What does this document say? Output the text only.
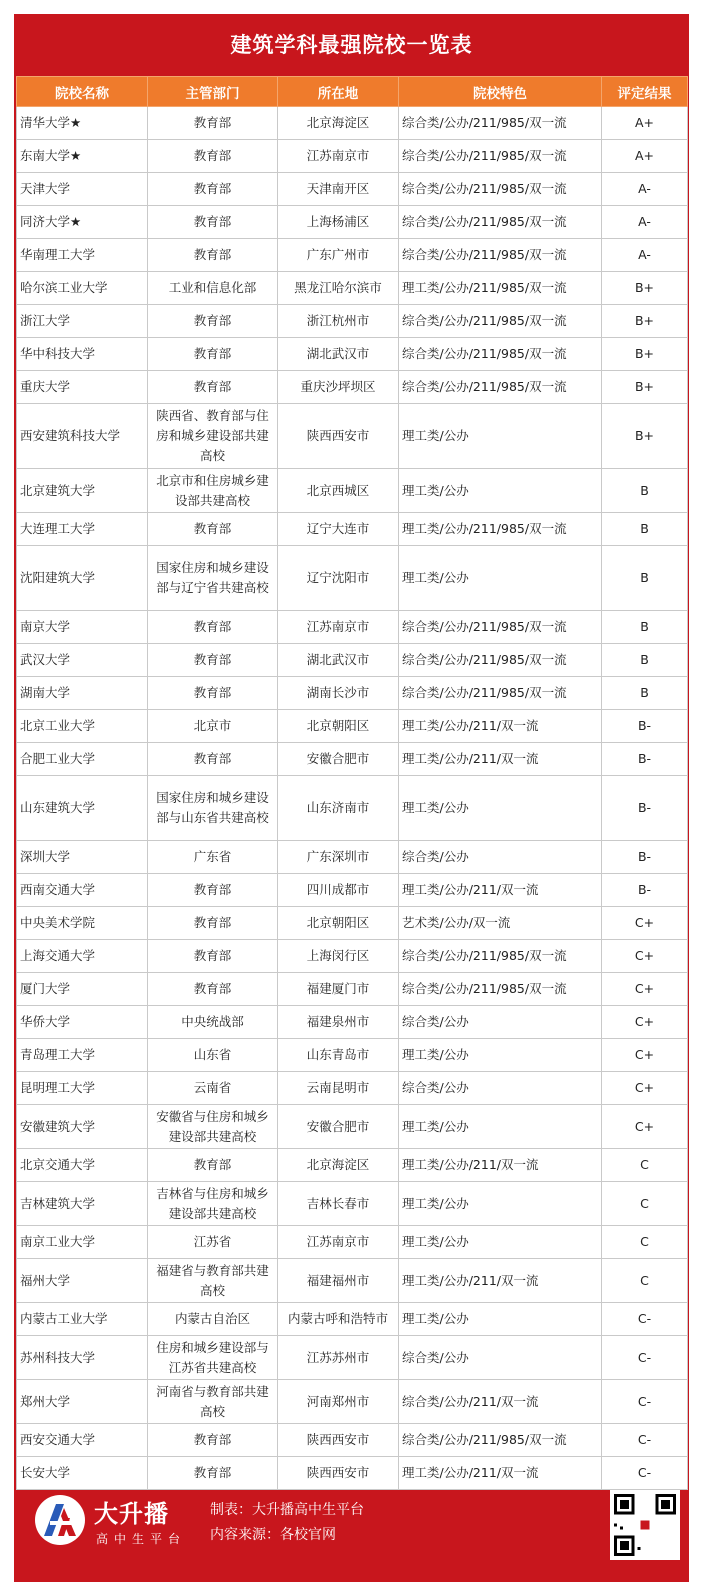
建筑学科最强院校一览表
院校名称	主管部门	所在地	院校特色	评定结果
清华大学★	教育部	北京海淀区	综合类/公办/211/985/双一流	A+
东南大学★	教育部	江苏南京市	综合类/公办/211/985/双一流	A+
天津大学	教育部	天津南开区	综合类/公办/211/985/双一流	A-
同济大学★	教育部	上海杨浦区	综合类/公办/211/985/双一流	A-
华南理工大学	教育部	广东广州市	综合类/公办/211/985/双一流	A-
哈尔滨工业大学	工业和信息化部	黑龙江哈尔滨市	理工类/公办/211/985/双一流	B+
浙江大学	教育部	浙江杭州市	综合类/公办/211/985/双一流	B+
华中科技大学	教育部	湖北武汉市	综合类/公办/211/985/双一流	B+
重庆大学	教育部	重庆沙坪坝区	综合类/公办/211/985/双一流	B+
西安建筑科技大学	陕西省、教育部与住房和城乡建设部共建高校	陕西西安市	理工类/公办	B+
北京建筑大学	北京市和住房城乡建设部共建高校	北京西城区	理工类/公办	B
大连理工大学	教育部	辽宁大连市	理工类/公办/211/985/双一流	B
沈阳建筑大学	国家住房和城乡建设部与辽宁省共建高校	辽宁沈阳市	理工类/公办	B
南京大学	教育部	江苏南京市	综合类/公办/211/985/双一流	B
武汉大学	教育部	湖北武汉市	综合类/公办/211/985/双一流	B
湖南大学	教育部	湖南长沙市	综合类/公办/211/985/双一流	B
北京工业大学	北京市	北京朝阳区	理工类/公办/211/双一流	B-
合肥工业大学	教育部	安徽合肥市	理工类/公办/211/双一流	B-
山东建筑大学	国家住房和城乡建设部与山东省共建高校	山东济南市	理工类/公办	B-
深圳大学	广东省	广东深圳市	综合类/公办	B-
西南交通大学	教育部	四川成都市	理工类/公办/211/双一流	B-
中央美术学院	教育部	北京朝阳区	艺术类/公办/双一流	C+
上海交通大学	教育部	上海闵行区	综合类/公办/211/985/双一流	C+
厦门大学	教育部	福建厦门市	综合类/公办/211/985/双一流	C+
华侨大学	中央统战部	福建泉州市	综合类/公办	C+
青岛理工大学	山东省	山东青岛市	理工类/公办	C+
昆明理工大学	云南省	云南昆明市	综合类/公办	C+
安徽建筑大学	安徽省与住房和城乡建设部共建高校	安徽合肥市	理工类/公办	C+
北京交通大学	教育部	北京海淀区	理工类/公办/211/双一流	C
吉林建筑大学	吉林省与住房和城乡建设部共建高校	吉林长春市	理工类/公办	C
南京工业大学	江苏省	江苏南京市	理工类/公办	C
福州大学	福建省与教育部共建高校	福建福州市	理工类/公办/211/双一流	C
内蒙古工业大学	内蒙古自治区	内蒙古呼和浩特市	理工类/公办	C-
苏州科技大学	住房和城乡建设部与江苏省共建高校	江苏苏州市	综合类/公办	C-
郑州大学	河南省与教育部共建高校	河南郑州市	综合类/公办/211/双一流	C-
西安交通大学	教育部	陕西西安市	综合类/公办/211/985/双一流	C-
长安大学	教育部	陕西西安市	理工类/公办/211/双一流	C-
大升播
高中生平台
制表：大升播高中生平台
内容来源：各校官网
